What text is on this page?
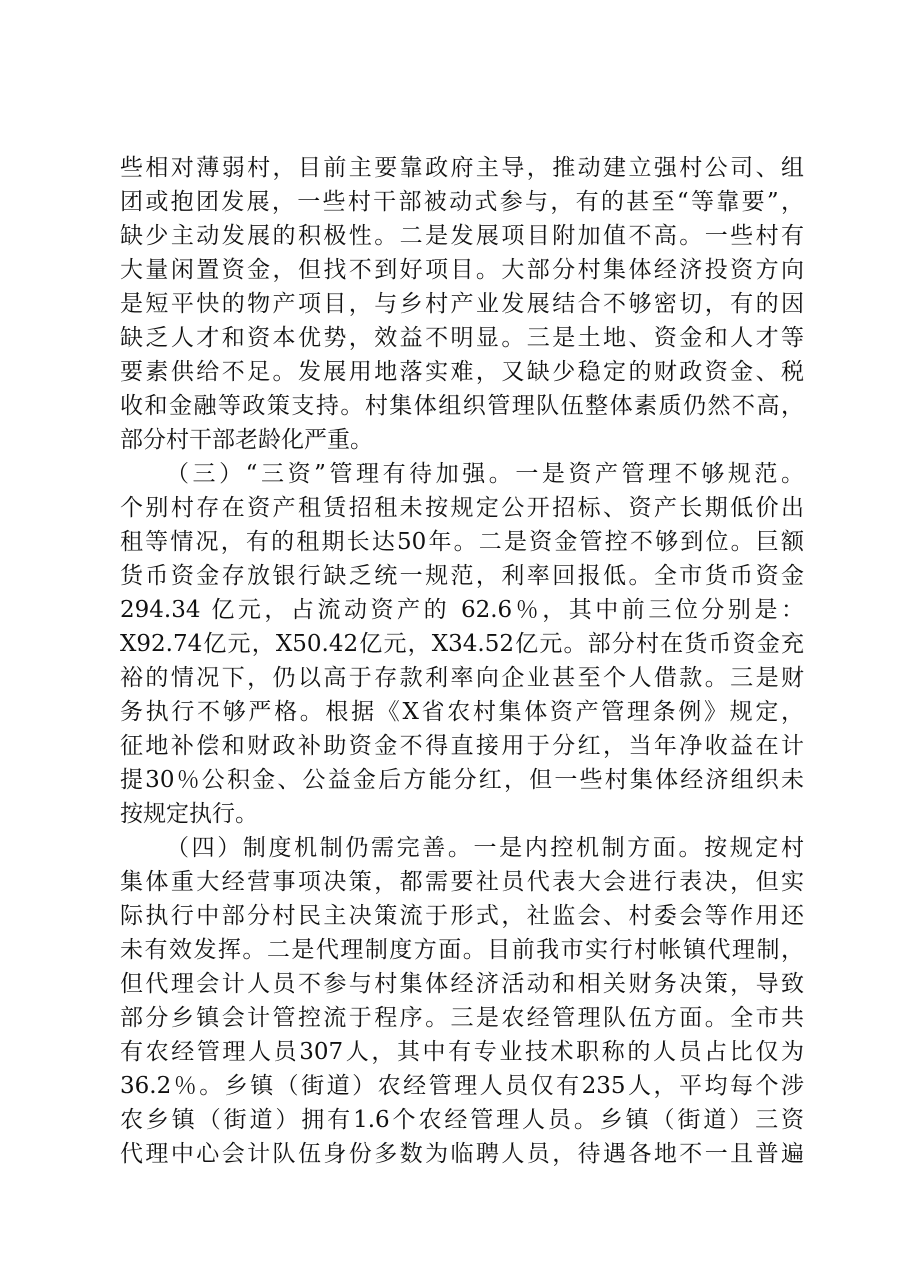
些相对薄弱村，目前主要靠政府主导，推动建立强村公司、组
团或抱团发展，一些村干部被动式参与，有的甚至“等靠要”，
缺少主动发展的积极性。二是发展项目附加值不高。一些村有
大量闲置资金，但找不到好项目。大部分村集体经济投资方向
是短平快的物产项目，与乡村产业发展结合不够密切，有的因
缺乏人才和资本优势，效益不明显。三是土地、资金和人才等
要素供给不足。发展用地落实难，又缺少稳定的财政资金、税
收和金融等政策支持。村集体组织管理队伍整体素质仍然不高，
部分村干部老龄化严重。
（三）“三资”管理有待加强。一是资产管理不够规范。
个别村存在资产租赁招租未按规定公开招标、资产长期低价出
租等情况，有的租期长达50年。二是资金管控不够到位。巨额
货币资金存放银行缺乏统一规范，利率回报低。全市货币资金
294.34 亿元，占流动资产的 62.6％，其中前三位分别是：
X92.74亿元，X50.42亿元，X34.52亿元。部分村在货币资金充
裕的情况下，仍以高于存款利率向企业甚至个人借款。三是财
务执行不够严格。根据《X省农村集体资产管理条例》规定，
征地补偿和财政补助资金不得直接用于分红，当年净收益在计
提30％公积金、公益金后方能分红，但一些村集体经济组织未
按规定执行。
（四）制度机制仍需完善。一是内控机制方面。按规定村
集体重大经营事项决策，都需要社员代表大会进行表决，但实
际执行中部分村民主决策流于形式，社监会、村委会等作用还
未有效发挥。二是代理制度方面。目前我市实行村帐镇代理制，
但代理会计人员不参与村集体经济活动和相关财务决策，导致
部分乡镇会计管控流于程序。三是农经管理队伍方面。全市共
有农经管理人员307人，其中有专业技术职称的人员占比仅为
36.2％。乡镇（街道）农经管理人员仅有235人，平均每个涉
农乡镇（街道）拥有1.6个农经管理人员。乡镇（街道）三资
代理中心会计队伍身份多数为临聘人员，待遇各地不一且普遍
